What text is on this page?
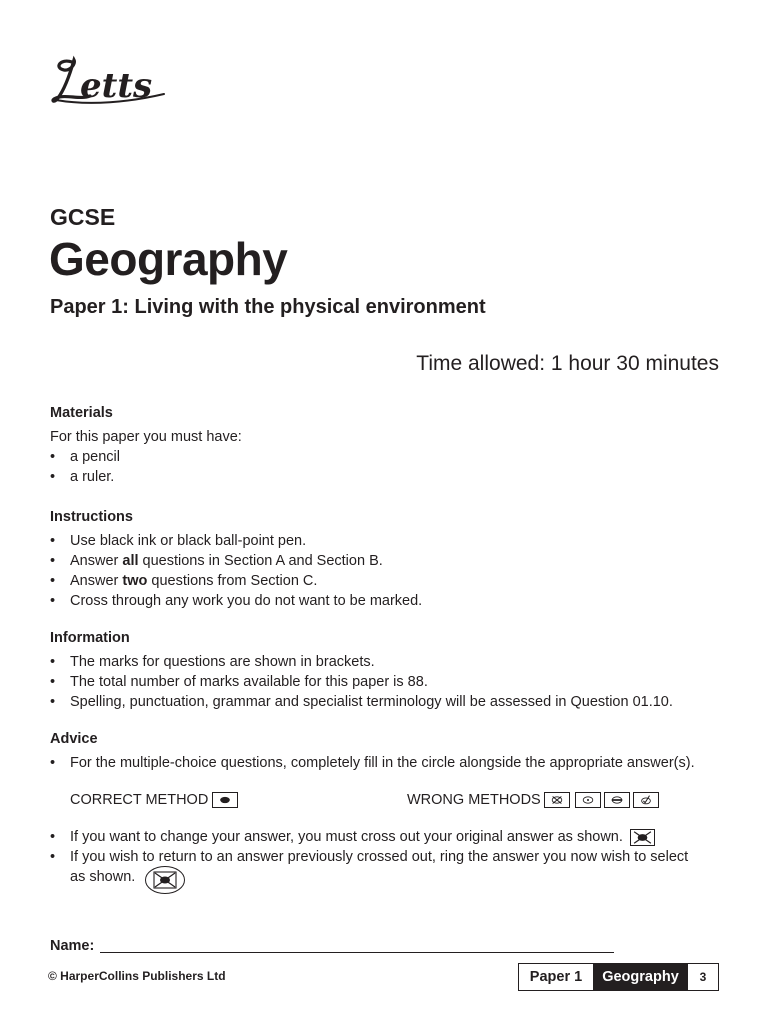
etts
GCSE
Geography
Paper 1: Living with the physical environment
Time allowed: 1 hour 30 minutes
Materials
For this paper you must have:
• a pencil
• a ruler.
Instructions
• Use black ink or black ball-point pen.
• Answer all questions in Section A and Section B.
• Answer two questions from Section C.
• Cross through any work you do not want to be marked.
Information
• The marks for questions are shown in brackets.
• The total number of marks available for this paper is 88.
• Spelling, punctuation, grammar and specialist terminology will be assessed in Question 01.10.
Advice
• For the multiple-choice questions, completely fill in the circle alongside the appropriate answer(s).
CORRECT METHOD	WRONG METHODS
• If you want to change your answer, you must cross out your original answer as shown.
• If you wish to return to an answer previously crossed out, ring the answer you now wish to select
as shown.
Name:
© HarperCollins Publishers Ltd	Paper 1	Geography	3
